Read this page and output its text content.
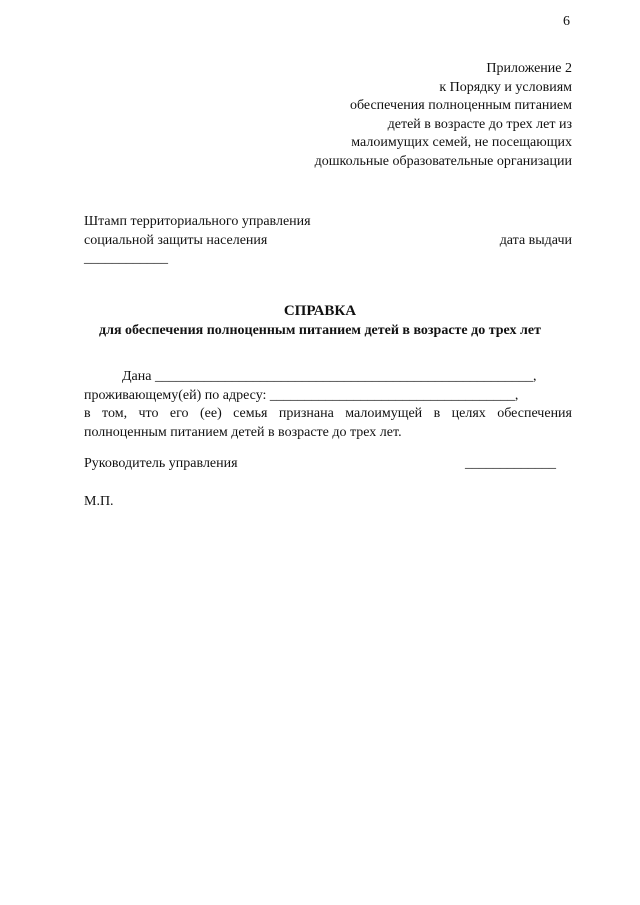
6
Приложение 2
к Порядку и условиям
обеспечения полноценным питанием
детей в возрасте до трех лет из
малоимущих семей, не посещающих
дошкольные образовательные организации
Штамп территориального управления
социальной защиты населения	дата выдачи
____________
СПРАВКА
для обеспечения полноценным питанием детей в возрасте до трех лет
Дана ______________________________________________________,
проживающему(ей) по адресу: ___________________________________,
в том, что его (ее) семья признана малоимущей в целях обеспечения
полноценным питанием детей в возрасте до трех лет.
Руководитель управления	_____________
М.П.
